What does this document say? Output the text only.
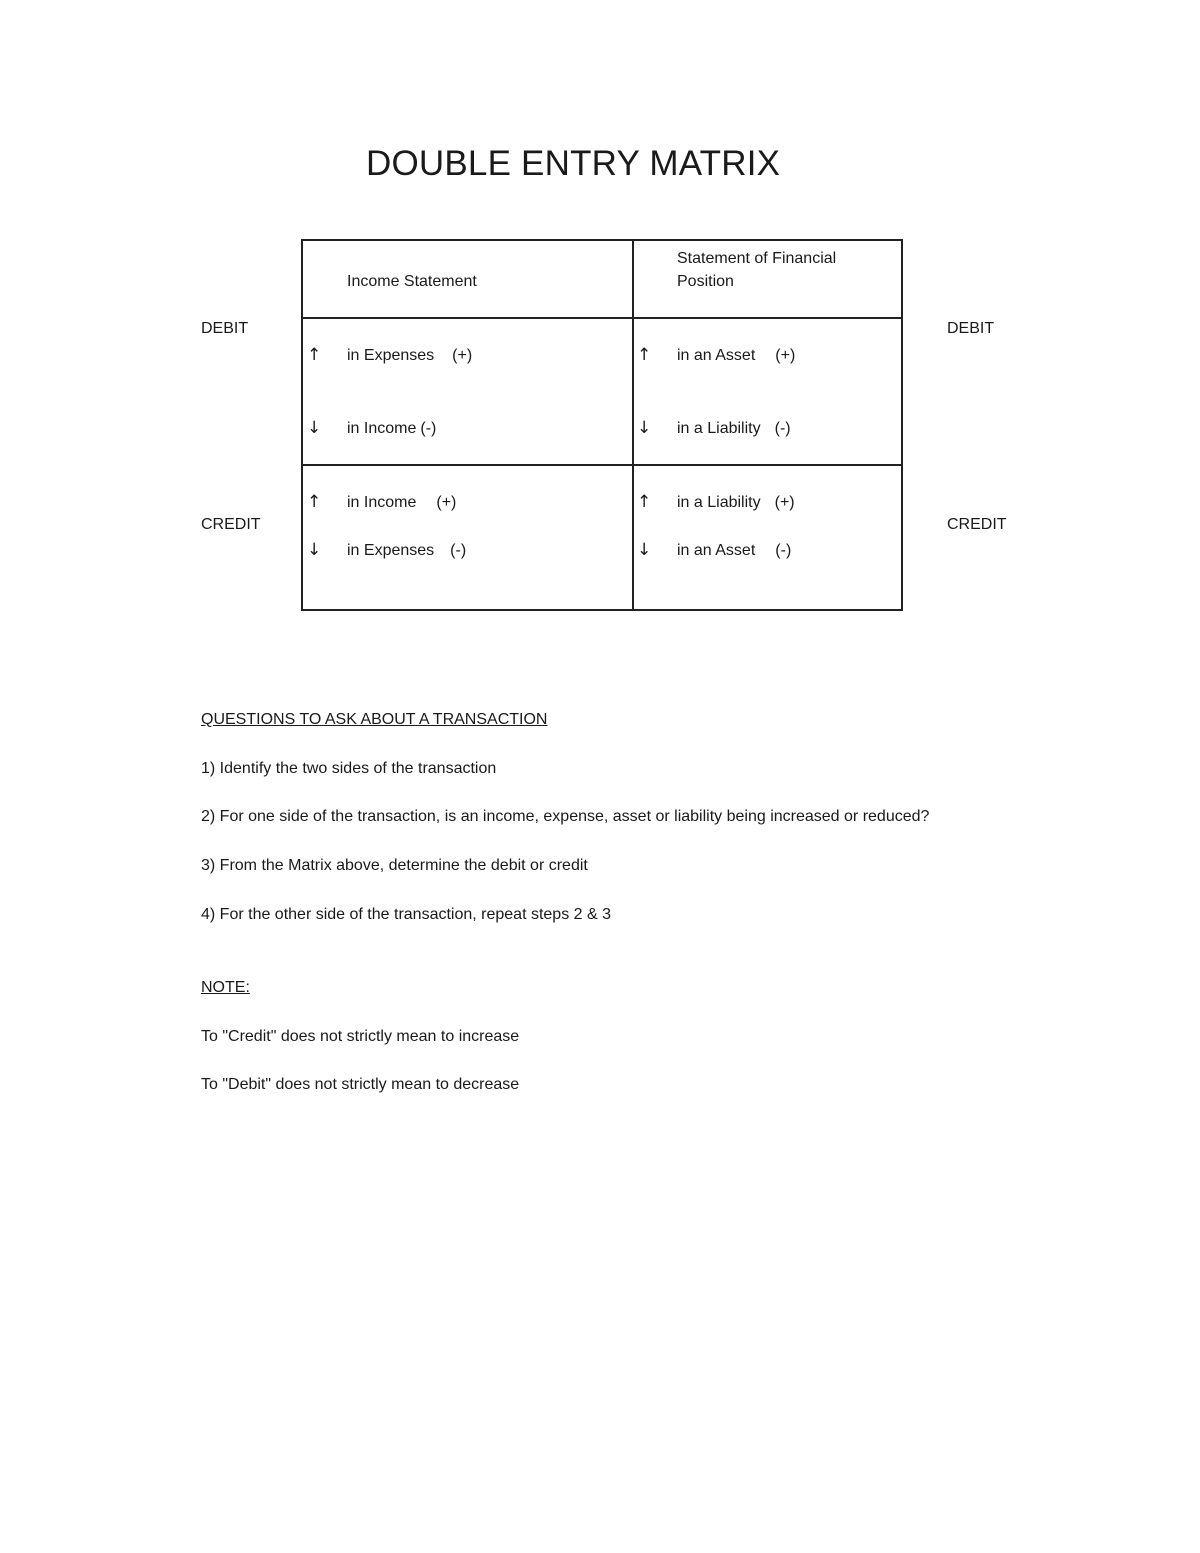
DOUBLE ENTRY MATRIX
DEBIT	DEBIT
CREDIT	CREDIT
Income Statement
Statement of Financial
Position
↑ in Expenses (+)
↓ in Income (-)
↑ in an Asset (+)
↓ in a Liability (-)
↑ in Income (+)
↓ in Expenses (-)
↑ in a Liability (+)
↓ in an Asset (-)
QUESTIONS TO ASK ABOUT A TRANSACTION
1) Identify the two sides of the transaction
2) For one side of the transaction, is an income, expense, asset or liability being increased or reduced?
3) From the Matrix above, determine the debit or credit
4) For the other side of the transaction, repeat steps 2 & 3
NOTE:
To "Credit" does not strictly mean to increase
To "Debit" does not strictly mean to decrease
